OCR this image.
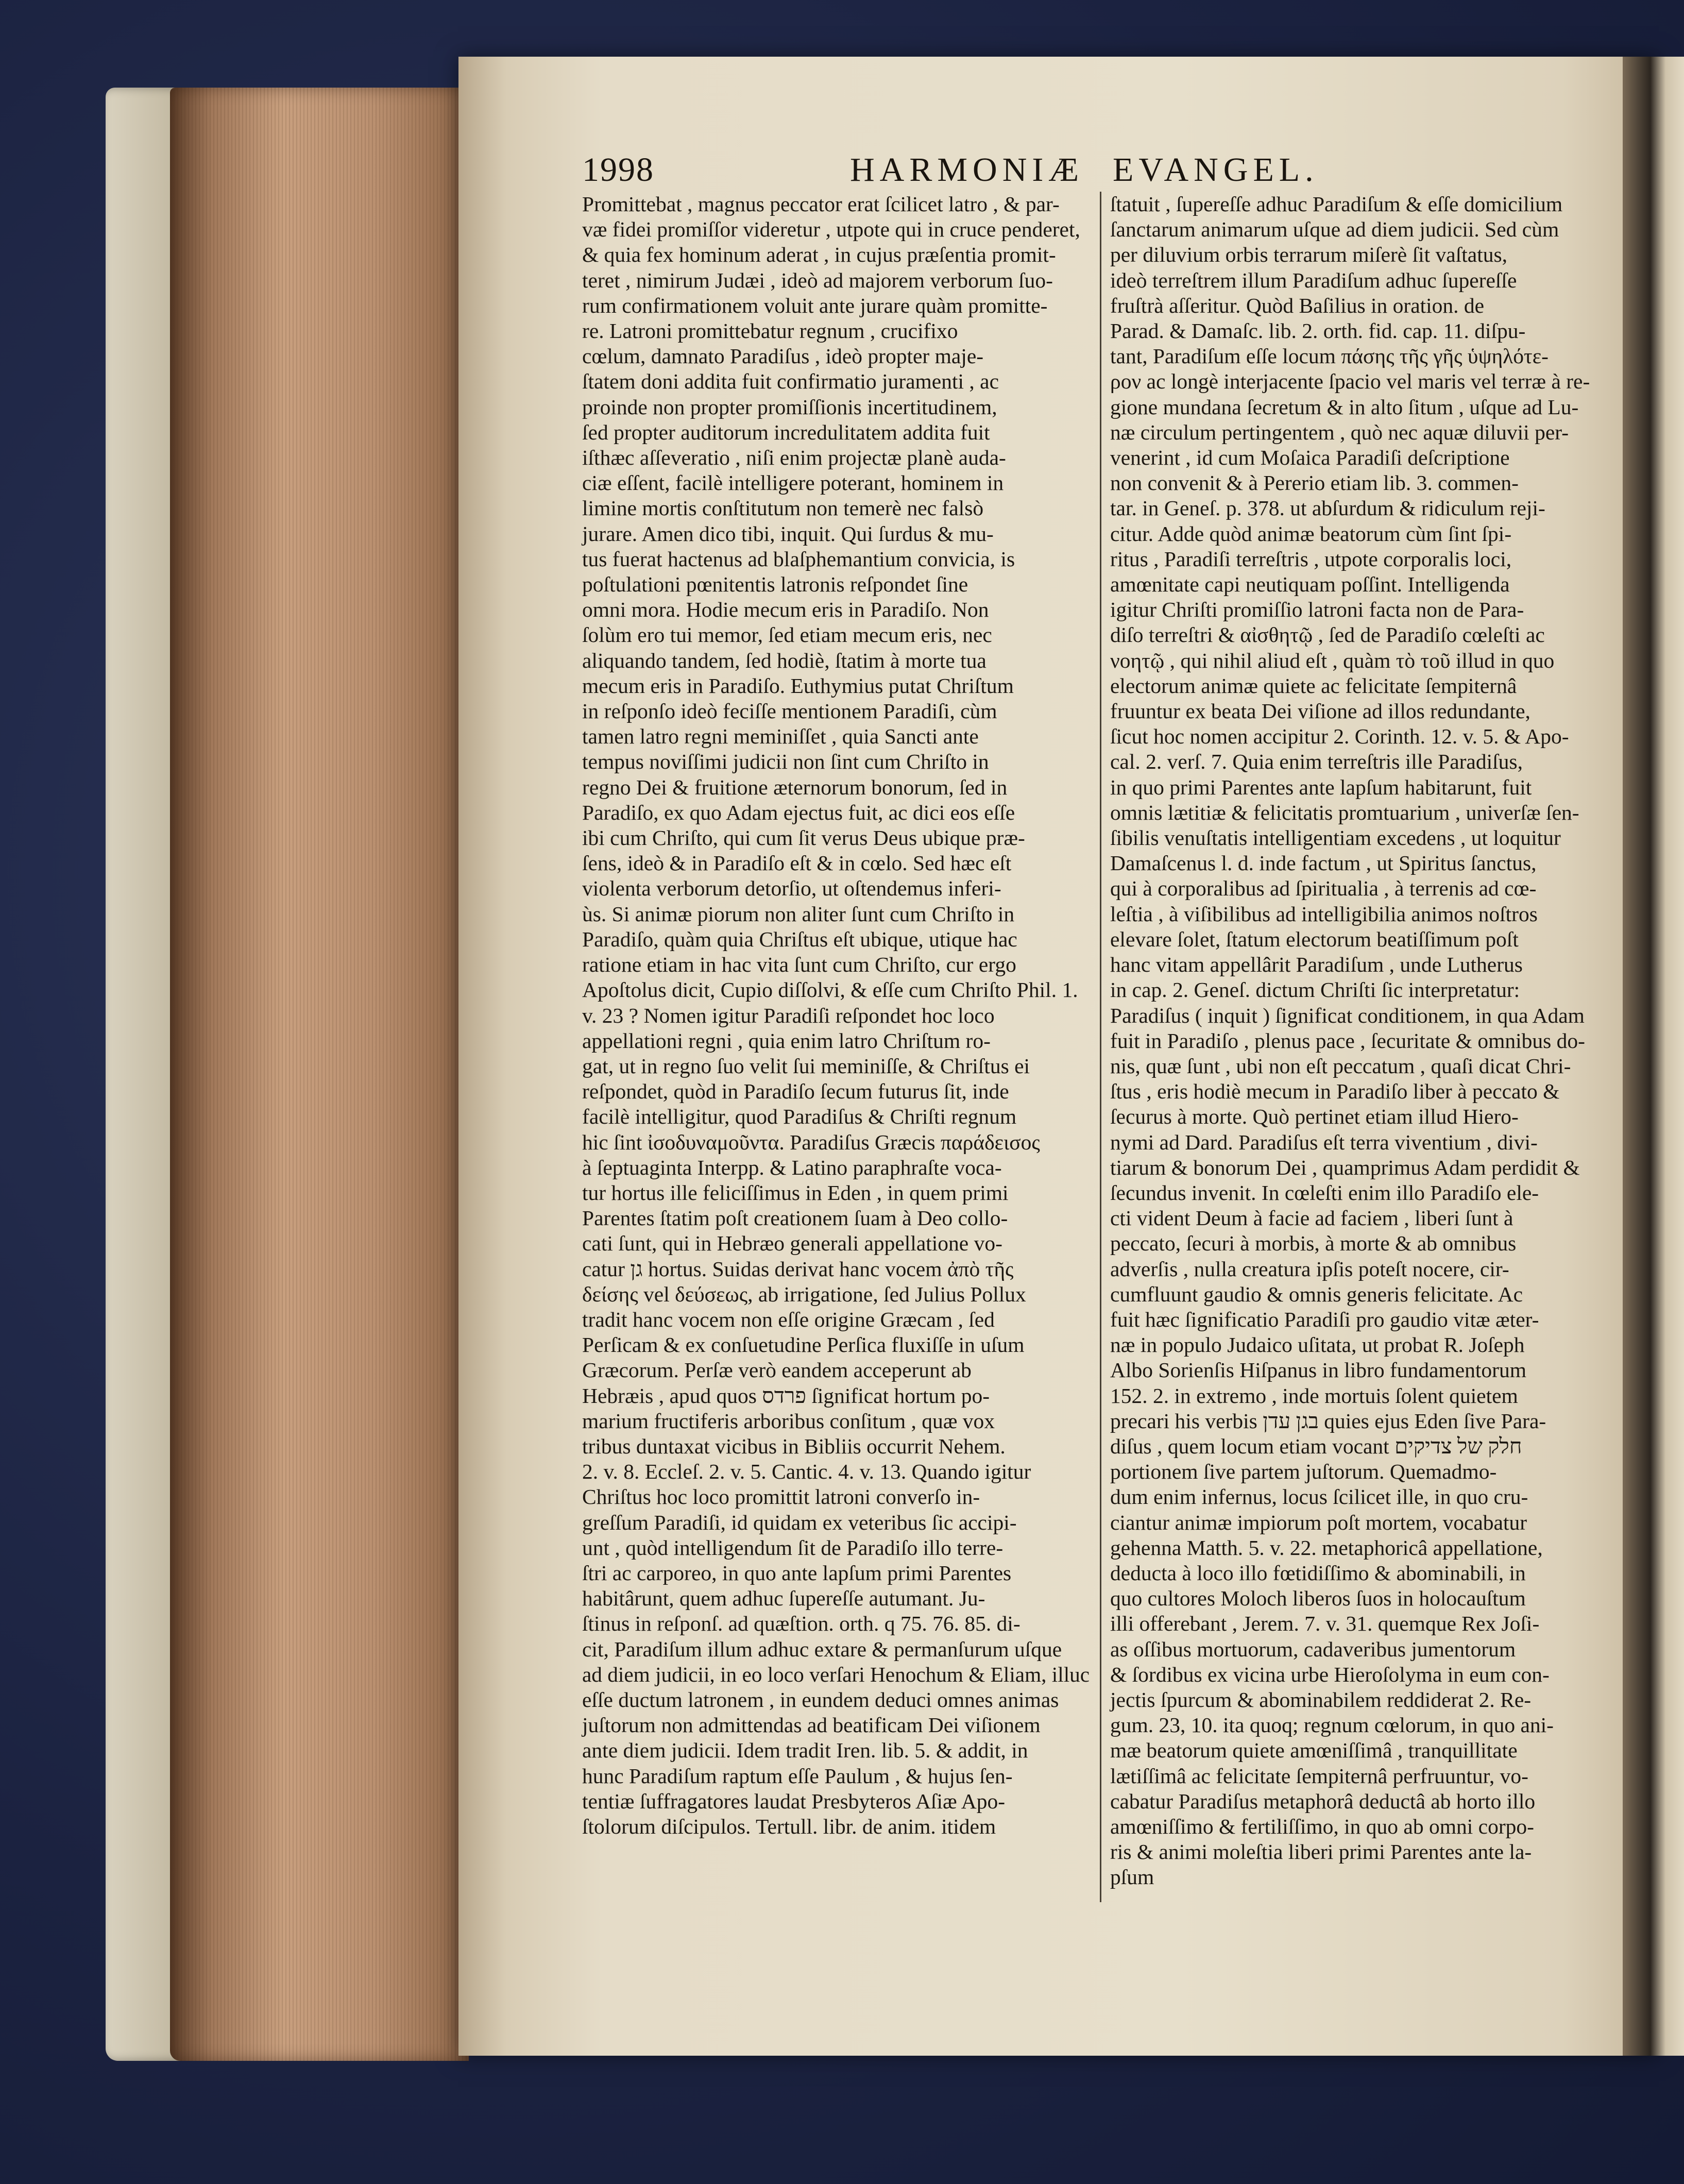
1998	HARMONIÆ EVANGEL.

Promittebat , magnus peccator erat ſcilicet latro , & par-

væ fidei promiſſor videretur , utpote qui in cruce penderet,

& quia fex hominum aderat , in cujus præſentia promit-

teret , nimirum Judæi , ideò ad majorem verborum ſuo-

rum confirmationem voluit ante jurare quàm promitte-

re. Latroni promittebatur regnum , crucifixo

cœlum, damnato Paradiſus , ideò propter maje-

ſtatem doni addita fuit confirmatio juramenti , ac

proinde non propter promiſſionis incertitudinem,

ſed propter auditorum incredulitatem addita fuit

iſthæc aſſeveratio , niſi enim projectæ planè auda-

ciæ eſſent, facilè intelligere poterant, hominem in

limine mortis conſtitutum non temerè nec falsò

jurare. Amen dico tibi, inquit. Qui ſurdus & mu-

tus fuerat hactenus ad blaſphemantium convicia, is

poſtulationi pœnitentis latronis reſpondet ſine

omni mora. Hodie mecum eris in Paradiſo. Non

ſolùm ero tui memor, ſed etiam mecum eris, nec

aliquando tandem, ſed hodiè, ſtatim à morte tua

mecum eris in Paradiſo. Euthymius putat Chriſtum

in reſponſo ideò feciſſe mentionem Paradiſi, cùm

tamen latro regni meminiſſet , quia Sancti ante

tempus noviſſimi judicii non ſint cum Chriſto in

regno Dei & fruitione æternorum bonorum, ſed in

Paradiſo, ex quo Adam ejectus fuit, ac dici eos eſſe

ibi cum Chriſto, qui cum ſit verus Deus ubique præ-

ſens, ideò & in Paradiſo eſt & in cœlo. Sed hæc eſt

violenta verborum detorſio, ut oſtendemus inferi-

ùs. Si animæ piorum non aliter ſunt cum Chriſto in

Paradiſo, quàm quia Chriſtus eſt ubique, utique hac

ratione etiam in hac vita ſunt cum Chriſto, cur ergo

Apoſtolus dicit, Cupio diſſolvi, & eſſe cum Chriſto Phil. 1.

v. 23 ? Nomen igitur Paradiſi reſpondet hoc loco

appellationi regni , quia enim latro Chriſtum ro-

gat, ut in regno ſuo velit ſui meminiſſe, & Chriſtus ei

reſpondet, quòd in Paradiſo ſecum futurus ſit, inde

facilè intelligitur, quod Paradiſus & Chriſti regnum

hic ſint ἰσοδυναμοῦντα. Paradiſus Græcis παράδεισος

à ſeptuaginta Interpp. & Latino paraphraſte voca-

tur hortus ille feliciſſimus in Eden , in quem primi

Parentes ſtatim poſt creationem ſuam à Deo collo-

cati ſunt, qui in Hebræo generali appellatione vo-

catur גן hortus. Suidas derivat hanc vocem ἀπὸ τῆς

δείσης vel δεύσεως, ab irrigatione, ſed Julius Pollux

tradit hanc vocem non eſſe origine Græcam , ſed

Perſicam & ex conſuetudine Perſica fluxiſſe in uſum

Græcorum. Perſæ verò eandem acceperunt ab

Hebræis , apud quos פרדס ſignificat hortum po-

marium fructiferis arboribus conſitum , quæ vox

tribus duntaxat vicibus in Bibliis occurrit Nehem.

2. v. 8. Eccleſ. 2. v. 5. Cantic. 4. v. 13. Quando igitur

Chriſtus hoc loco promittit latroni converſo in-

greſſum Paradiſi, id quidam ex veteribus ſic accipi-

unt , quòd intelligendum ſit de Paradiſo illo terre-

ſtri ac carporeo, in quo ante lapſum primi Parentes

habitârunt, quem adhuc ſupereſſe autumant. Ju-

ſtinus in reſponſ. ad quæſtion. orth. q 75. 76. 85. di-

cit, Paradiſum illum adhuc extare & permanſurum uſque

ad diem judicii, in eo loco verſari Henochum & Eliam, illuc

eſſe ductum latronem , in eundem deduci omnes animas

juſtorum non admittendas ad beatificam Dei viſionem

ante diem judicii. Idem tradit Iren. lib. 5. & addit, in

hunc Paradiſum raptum eſſe Paulum , & hujus ſen-

tentiæ ſuffragatores laudat Presbyteros Aſiæ Apo-

ſtolorum diſcipulos. Tertull. libr. de anim. itidem

ſtatuit , ſupereſſe adhuc Paradiſum & eſſe domicilium

ſanctarum animarum uſque ad diem judicii. Sed cùm

per diluvium orbis terrarum miſerè ſit vaſtatus,

ideò terreſtrem illum Paradiſum adhuc ſupereſſe

fruſtrà aſſeritur. Quòd Baſilius in oration. de

Parad. & Damaſc. lib. 2. orth. fid. cap. 11. diſpu-

tant, Paradiſum eſſe locum πάσης τῆς γῆς ὑψηλότε-

ρον ac longè interjacente ſpacio vel maris vel terræ à re-

gione mundana ſecretum & in alto ſitum , uſque ad Lu-

næ circulum pertingentem , quò nec aquæ diluvii per-

venerint , id cum Moſaica Paradiſi deſcriptione

non convenit & à Pererio etiam lib. 3. commen-

tar. in Geneſ. p. 378. ut abſurdum & ridiculum reji-

citur. Adde quòd animæ beatorum cùm ſint ſpi-

ritus , Paradiſi terreſtris , utpote corporalis loci,

amœnitate capi neutiquam poſſint. Intelligenda

igitur Chriſti promiſſio latroni facta non de Para-

diſo terreſtri & αἰσθητῷ , ſed de Paradiſo cœleſti ac

νοητῷ , qui nihil aliud eſt , quàm τὸ τοῦ illud in quo

electorum animæ quiete ac felicitate ſempiternâ

fruuntur ex beata Dei viſione ad illos redundante,

ſicut hoc nomen accipitur 2. Corinth. 12. v. 5. & Apo-

cal. 2. verſ. 7. Quia enim terreſtris ille Paradiſus,

in quo primi Parentes ante lapſum habitarunt, fuit

omnis lætitiæ & felicitatis promtuarium , univerſæ ſen-

ſibilis venuſtatis intelligentiam excedens , ut loquitur

Damaſcenus l. d. inde factum , ut Spiritus ſanctus,

qui à corporalibus ad ſpiritualia , à terrenis ad cœ-

leſtia , à viſibilibus ad intelligibilia animos noſtros

elevare ſolet, ſtatum electorum beatiſſimum poſt

hanc vitam appellârit Paradiſum , unde Lutherus

in cap. 2. Geneſ. dictum Chriſti ſic interpretatur:

Paradiſus ( inquit ) ſignificat conditionem, in qua Adam

fuit in Paradiſo , plenus pace , ſecuritate & omnibus do-

nis, quæ ſunt , ubi non eſt peccatum , quaſi dicat Chri-

ſtus , eris hodiè mecum in Paradiſo liber à peccato &

ſecurus à morte. Quò pertinet etiam illud Hiero-

nymi ad Dard. Paradiſus eſt terra viventium , divi-

tiarum & bonorum Dei , quamprimus Adam perdidit &

ſecundus invenit. In cœleſti enim illo Paradiſo ele-

cti vident Deum à facie ad faciem , liberi ſunt à

peccato, ſecuri à morbis, à morte & ab omnibus

adverſis , nulla creatura ipſis poteſt nocere, cir-

cumfluunt gaudio & omnis generis felicitate. Ac

fuit hæc ſignificatio Paradiſi pro gaudio vitæ æter-

næ in populo Judaico uſitata, ut probat R. Joſeph

Albo Sorienſis Hiſpanus in libro fundamentorum

152. 2. in extremo , inde mortuis ſolent quietem

precari his verbis בגן עדן quies ejus Eden ſive Para-

diſus , quem locum etiam vocant חלק של צדיקים

portionem ſive partem juſtorum. Quemadmo-

dum enim infernus, locus ſcilicet ille, in quo cru-

ciantur animæ impiorum poſt mortem, vocabatur

gehenna Matth. 5. v. 22. metaphoricâ appellatione,

deducta à loco illo fœtidiſſimo & abominabili, in

quo cultores Moloch liberos ſuos in holocauſtum

illi offerebant , Jerem. 7. v. 31. quemque Rex Joſi-

as oſſibus mortuorum, cadaveribus jumentorum

& ſordibus ex vicina urbe Hieroſolyma in eum con-

jectis ſpurcum & abominabilem reddiderat 2. Re-

gum. 23, 10. ita quoq; regnum cœlorum, in quo ani-

mæ beatorum quiete amœniſſimâ , tranquillitate

lætiſſimâ ac felicitate ſempiternâ perfruuntur, vo-

cabatur Paradiſus metaphorâ deductâ ab horto illo

amœniſſimo & fertiliſſimo, in quo ab omni corpo-

ris & animi moleſtia liberi primi Parentes ante la-

pſum
